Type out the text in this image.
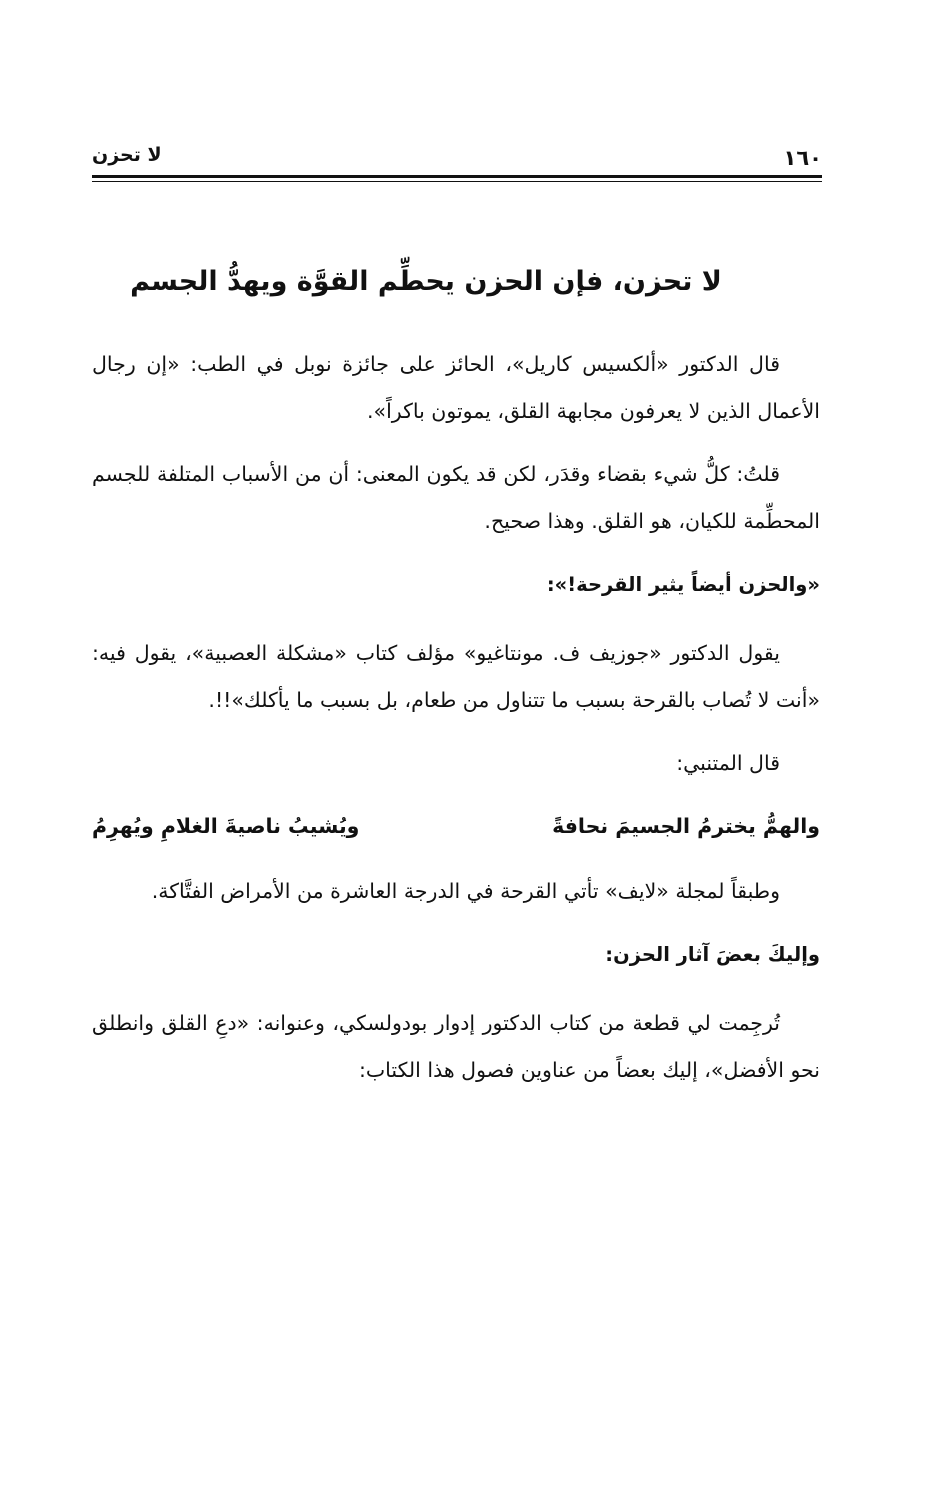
لا تحزن	١٦٠
لا تحزن، فإن الحزن يحطِّم القوَّة ويهدُّ الجسم

قال الدكتور «ألكسيس كاريل»، الحائز على جائزة نوبل في الطب: «إن رجال الأعمال الذين لا يعرفون مجابهة القلق، يموتون باكراً».

قلتُ: كلُّ شيء بقضاء وقدَر، لكن قد يكون المعنى: أن من الأسباب المتلفة للجسم المحطِّمة للكيان، هو القلق. وهذا صحيح.

«والحزن أيضاً يثير القرحة!»:

يقول الدكتور «جوزيف ف. مونتاغيو» مؤلف كتاب «مشكلة العصبية»، يقول فيه: «أنت لا تُصاب بالقرحة بسبب ما تتناول من طعام، بل بسبب ما يأكلك»!!.

قال المتنبي:

والهمُّ يخترمُ الجسيمَ نحافةً
ويُشيبُ ناصيةَ الغلامِ ويُهرِمُ

وطبقاً لمجلة «لايف» تأتي القرحة في الدرجة العاشرة من الأمراض الفتَّاكة.

وإليكَ بعضَ آثار الحزن:

تُرجِمت لي قطعة من كتاب الدكتور إدوار بودولسكي، وعنوانه: «دعِ القلق وانطلق نحو الأفضل»، إليك بعضاً من عناوين فصول هذا الكتاب:
